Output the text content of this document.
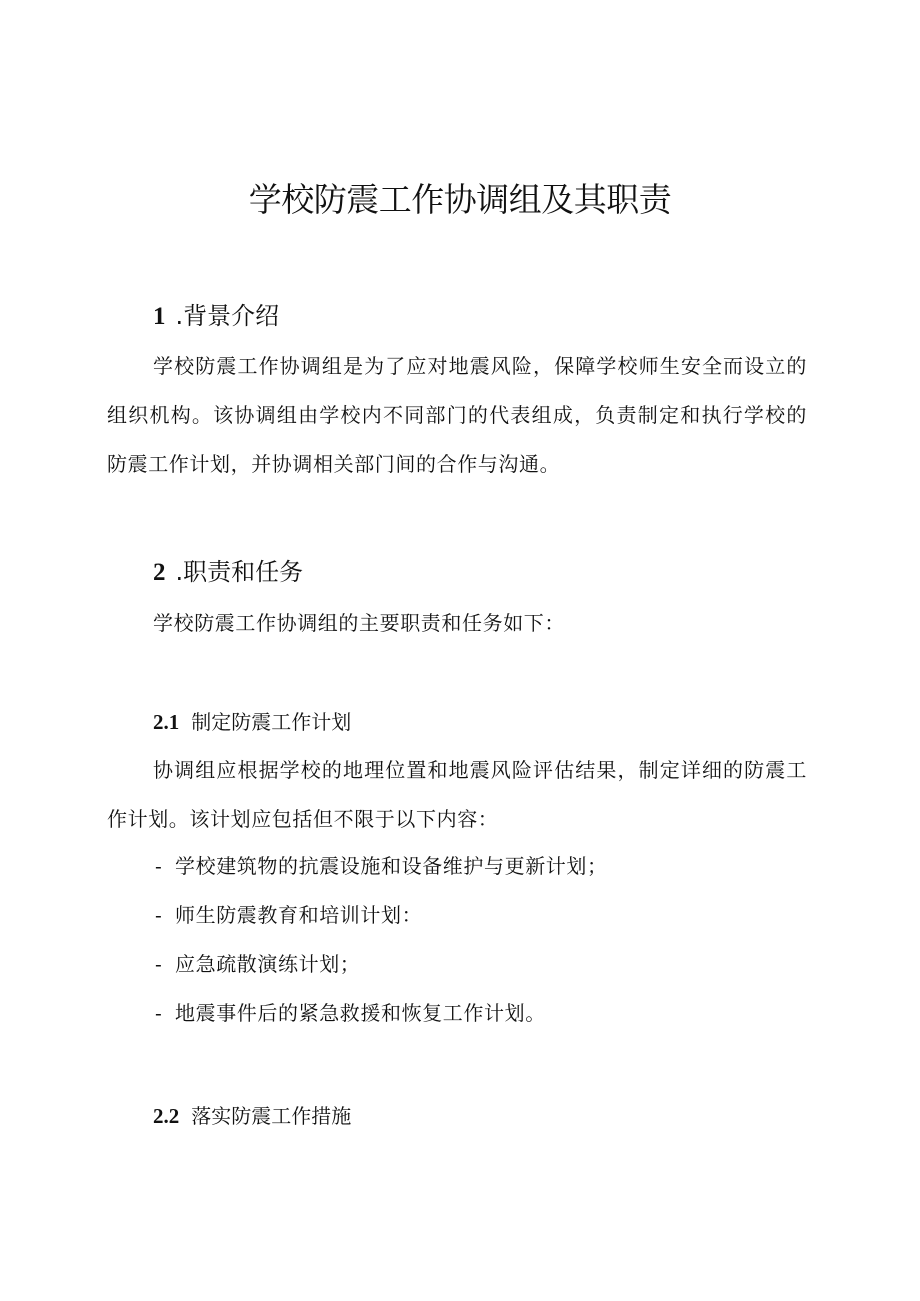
学校防震工作协调组及其职责
1 .背景介绍
学校防震工作协调组是为了应对地震风险，保障学校师生安全而设立的组织机构。该协调组由学校内不同部门的代表组成，负责制定和执行学校的防震工作计划，并协调相关部门间的合作与沟通。
2 .职责和任务
学校防震工作协调组的主要职责和任务如下：
2.1 制定防震工作计划
协调组应根据学校的地理位置和地震风险评估结果，制定详细的防震工作计划。该计划应包括但不限于以下内容：
- 学校建筑物的抗震设施和设备维护与更新计划；
- 师生防震教育和培训计划：
- 应急疏散演练计划；
- 地震事件后的紧急救援和恢复工作计划。
2.2 落实防震工作措施
